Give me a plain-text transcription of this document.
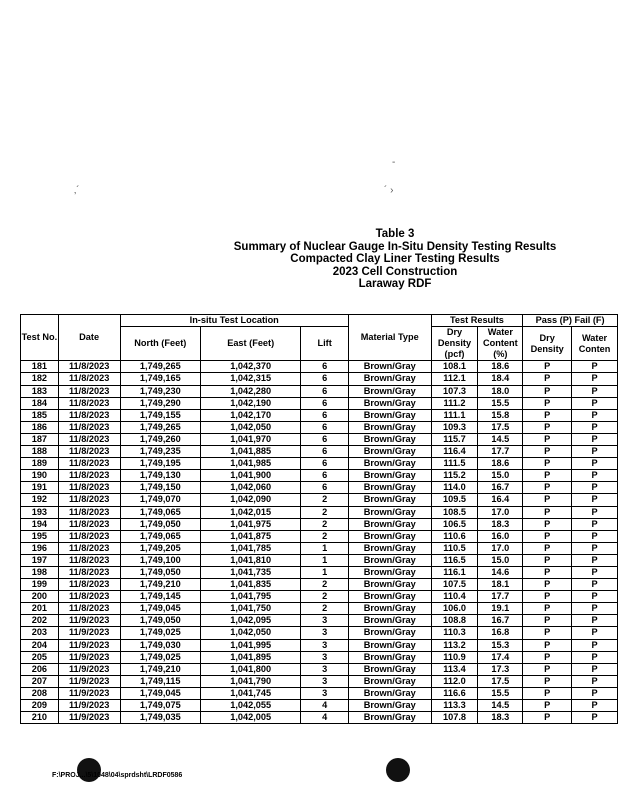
Table 3
Summary of Nuclear Gauge In-Situ Density Testing Results
Compacted Clay Liner Testing Results
2023 Cell Construction
Laraway RDF
‚´	´ ›
-
Test No.	Date	In-situ Test Location			Material Type	Test Results		Pass (P) Fail (F)	
						Dry Density (pcf)	Water Content (%)		
		North (Feet)	East (Feet)	Lift				Dry Density	Water Conten
181	11/8/2023	1,749,265	1,042,370	6	Brown/Gray	108.1	18.6	P	P
182	11/8/2023	1,749,165	1,042,315	6	Brown/Gray	112.1	18.4	P	P
183	11/8/2023	1,749,230	1,042,280	6	Brown/Gray	107.3	18.0	P	P
184	11/8/2023	1,749,290	1,042,190	6	Brown/Gray	111.2	15.5	P	P
185	11/8/2023	1,749,155	1,042,170	6	Brown/Gray	111.1	15.8	P	P
186	11/8/2023	1,749,265	1,042,050	6	Brown/Gray	109.3	17.5	P	P
187	11/8/2023	1,749,260	1,041,970	6	Brown/Gray	115.7	14.5	P	P
188	11/8/2023	1,749,235	1,041,885	6	Brown/Gray	116.4	17.7	P	P
189	11/8/2023	1,749,195	1,041,985	6	Brown/Gray	111.5	18.6	P	P
190	11/8/2023	1,749,130	1,041,900	6	Brown/Gray	115.2	15.0	P	P
191	11/8/2023	1,749,150	1,042,060	6	Brown/Gray	114.0	16.7	P	P
192	11/8/2023	1,749,070	1,042,090	2	Brown/Gray	109.5	16.4	P	P
193	11/8/2023	1,749,065	1,042,015	2	Brown/Gray	108.5	17.0	P	P
194	11/8/2023	1,749,050	1,041,975	2	Brown/Gray	106.5	18.3	P	P
195	11/8/2023	1,749,065	1,041,875	2	Brown/Gray	110.6	16.0	P	P
196	11/8/2023	1,749,205	1,041,785	1	Brown/Gray	110.5	17.0	P	P
197	11/8/2023	1,749,100	1,041,810	1	Brown/Gray	116.5	15.0	P	P
198	11/8/2023	1,749,050	1,041,735	1	Brown/Gray	116.1	14.6	P	P
199	11/8/2023	1,749,210	1,041,835	2	Brown/Gray	107.5	18.1	P	P
200	11/8/2023	1,749,145	1,041,795	2	Brown/Gray	110.4	17.7	P	P
201	11/8/2023	1,749,045	1,041,750	2	Brown/Gray	106.0	19.1	P	P
202	11/9/2023	1,749,050	1,042,095	3	Brown/Gray	108.8	16.7	P	P
203	11/9/2023	1,749,025	1,042,050	3	Brown/Gray	110.3	16.8	P	P
204	11/9/2023	1,749,030	1,041,995	3	Brown/Gray	113.2	15.3	P	P
205	11/9/2023	1,749,025	1,041,895	3	Brown/Gray	110.9	17.4	P	P
206	11/9/2023	1,749,210	1,041,800	3	Brown/Gray	113.4	17.3	P	P
207	11/9/2023	1,749,115	1,041,790	3	Brown/Gray	112.0	17.5	P	P
208	11/9/2023	1,749,045	1,041,745	3	Brown/Gray	116.6	15.5	P	P
209	11/9/2023	1,749,075	1,042,055	4	Brown/Gray	113.3	14.5	P	P
210	11/9/2023	1,749,035	1,042,005	4	Brown/Gray	107.8	18.3	P	P
F:\PROJ...\5\1048\04\sprdsht\LRDF0586
